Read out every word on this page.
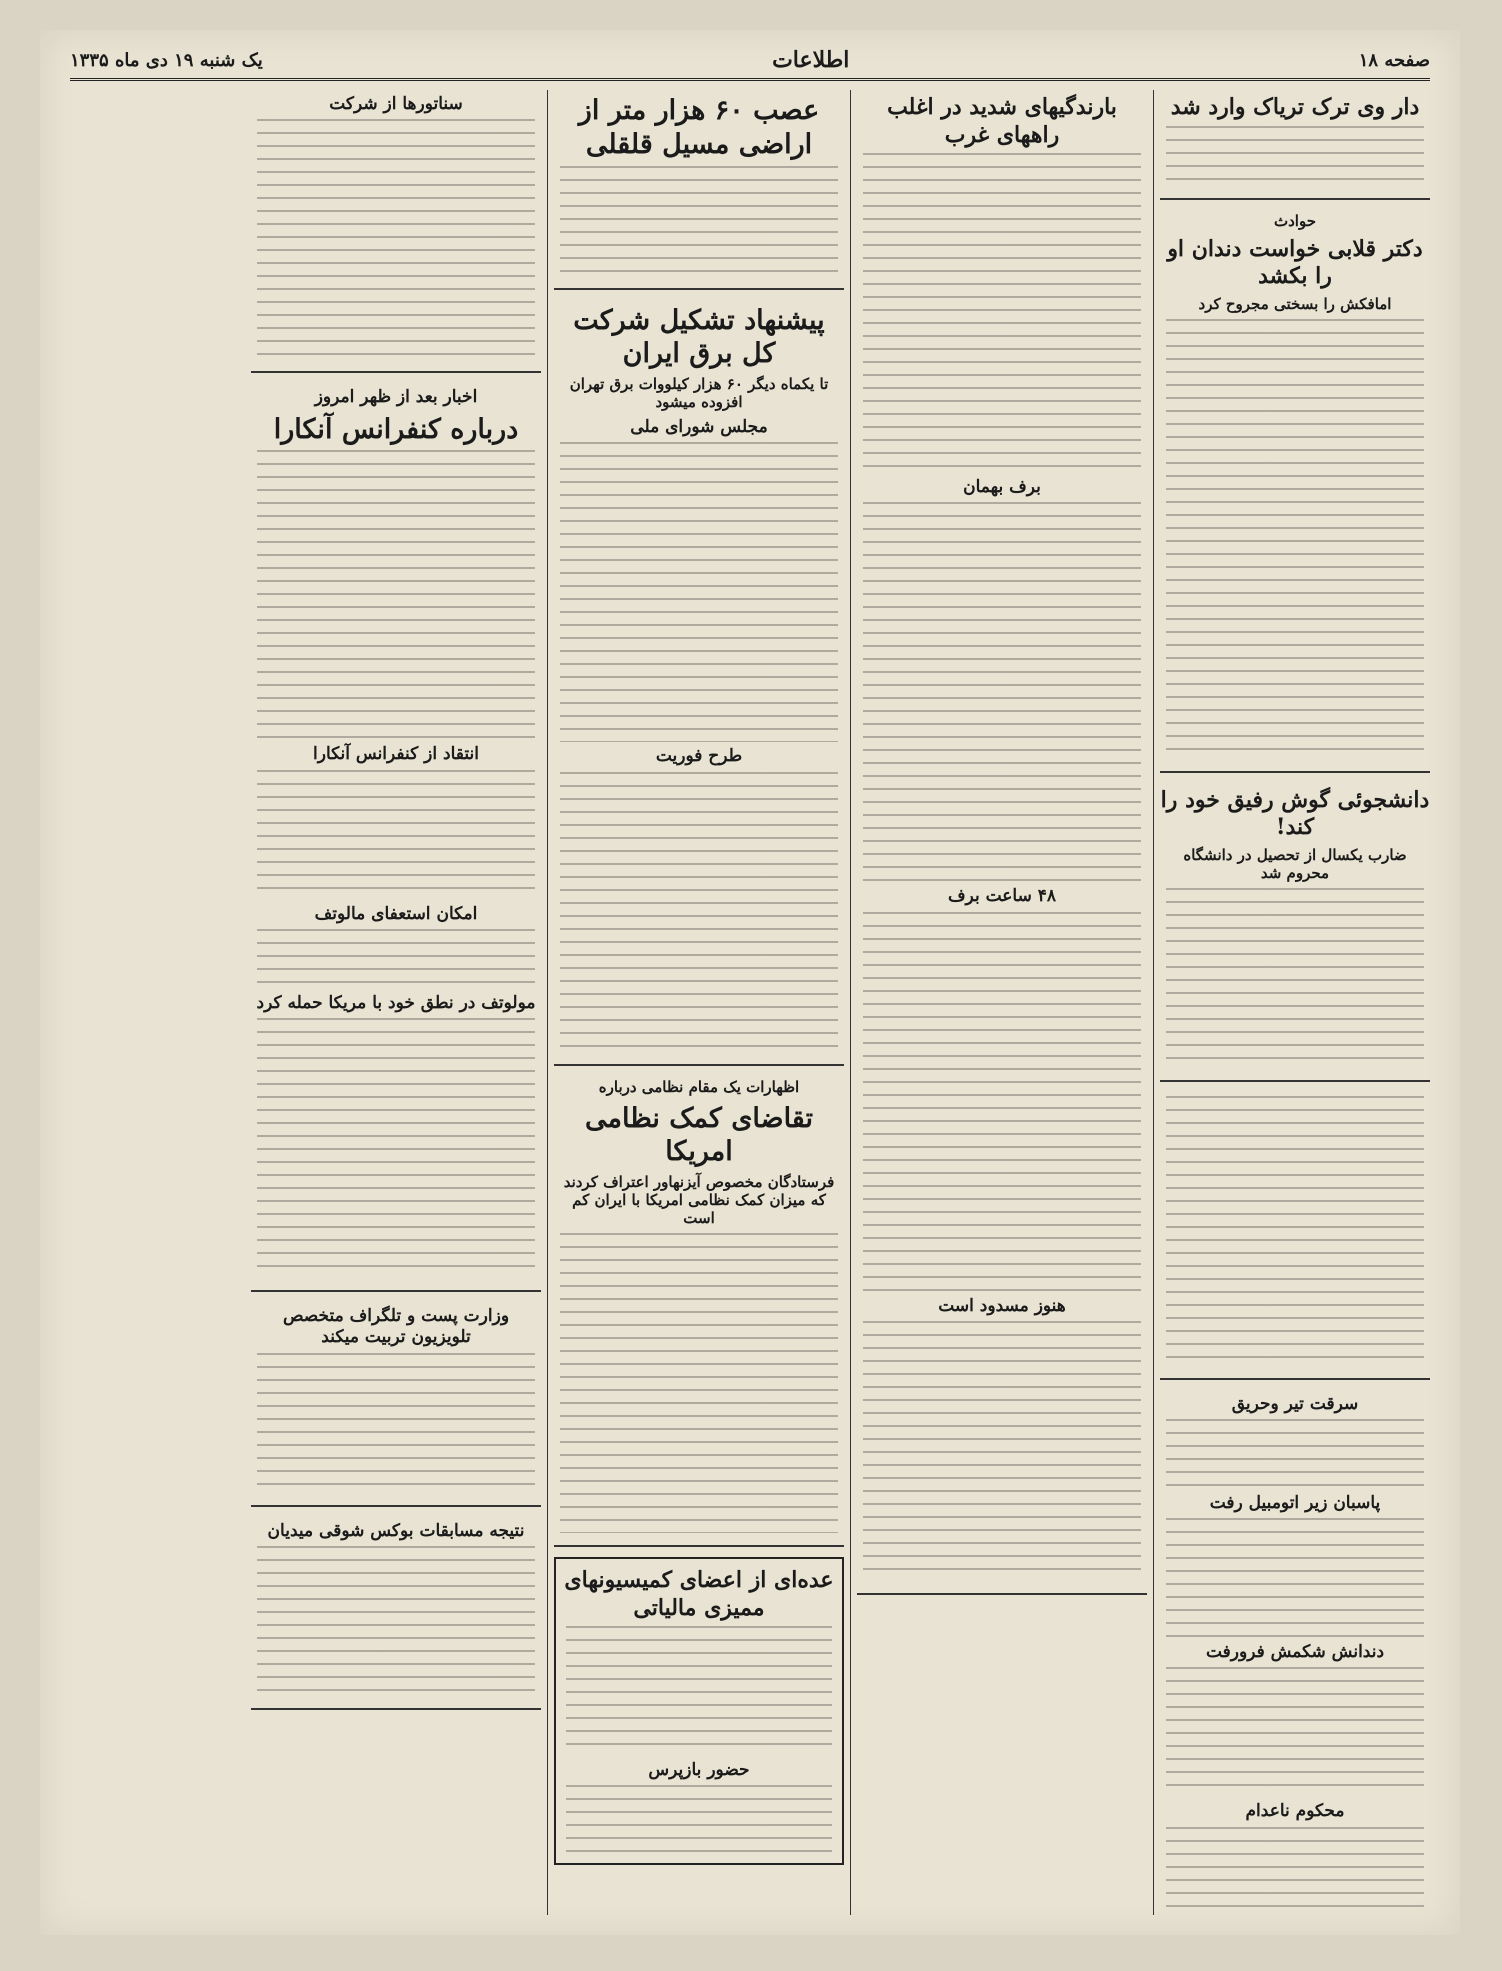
صفحه ۱۸
اطلاعات
یک شنبه ۱۹ دی ماه ۱۳۳۵
دار وی ترک تریاک وارد شد
حوادث
دکتر قلابی خواست دندان او را بکشد
امافکش را بسختی مجروح کرد
دانشجوئی گوش رفیق خود را کند!
ضارب یکسال از تحصیل در دانشگاه محروم شد
سرقت تیر وحریق
پاسبان زیر اتومبیل رفت
دندانش شکمش فرورفت
محکوم ناعدام
بارندگیهای شدید در اغلب راههای غرب
برف بهمان
۴۸ ساعت برف
هنوز مسدود است
عصب ۶۰ هزار متر از اراضی مسیل قلقلی
پیشنهاد تشکیل شرکت کل برق ایران
تا یکماه دیگر ۶۰ هزار کیلووات برق تهران افزوده میشود
مجلس شورای ملی
طرح فوریت
اظهارات یک مقام نظامی درباره
تقاضای کمک نظامی امریکا
فرستادگان مخصوص آیزنهاور اعتراف کردند که میزان کمک نظامی امریکا با ایران کم است
عده‌ای از اعضای کمیسیونهای ممیزی مالیاتی
حضور بازپرس
سناتورها از شرکت
اخبار بعد از ظهر امروز
درباره کنفرانس آنکارا
انتقاد از کنفرانس آنکارا
امکان استعفای مالوتف
مولوتف در نطق خود با مریکا حمله کرد
وزارت پست و تلگراف متخصص تلویزیون تربیت میکند
نتیجه مسابقات بوکس شوقی میدیان
